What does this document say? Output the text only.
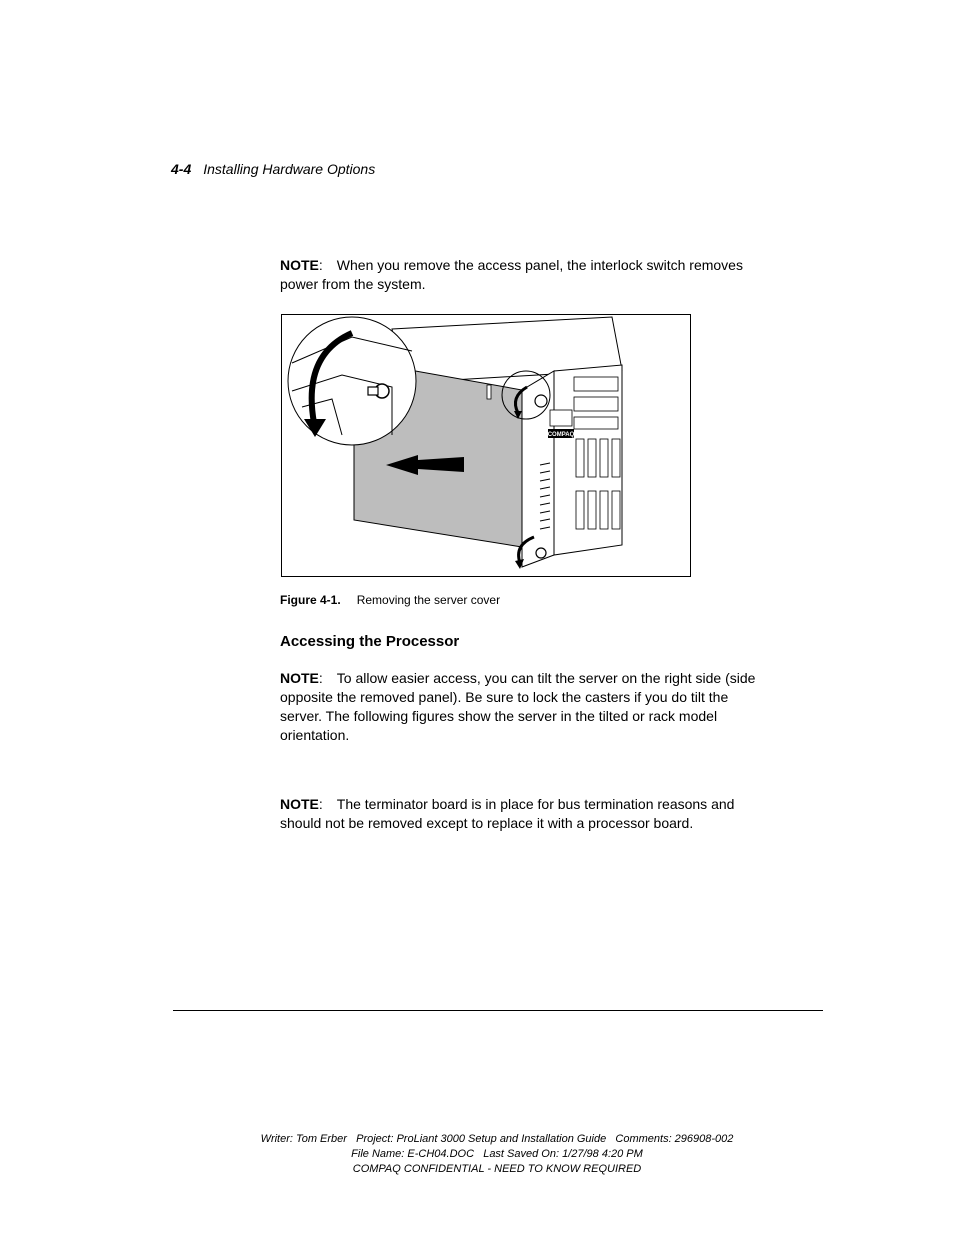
4-4 Installing Hardware Options
NOTE: When you remove the access panel, the interlock switch removes power from the system.
COMPAQ
Figure 4-1. Removing the server cover
Accessing the Processor
NOTE: To allow easier access, you can tilt the server on the right side (side opposite the removed panel). Be sure to lock the casters if you do tilt the server. The following figures show the server in the tilted or rack model orientation.
NOTE: The terminator board is in place for bus termination reasons and should not be removed except to replace it with a processor board.
Writer: Tom Erber   Project: ProLiant 3000 Setup and Installation Guide   Comments: 296908-002
File Name: E-CH04.DOC   Last Saved On: 1/27/98 4:20 PM
COMPAQ CONFIDENTIAL - NEED TO KNOW REQUIRED
